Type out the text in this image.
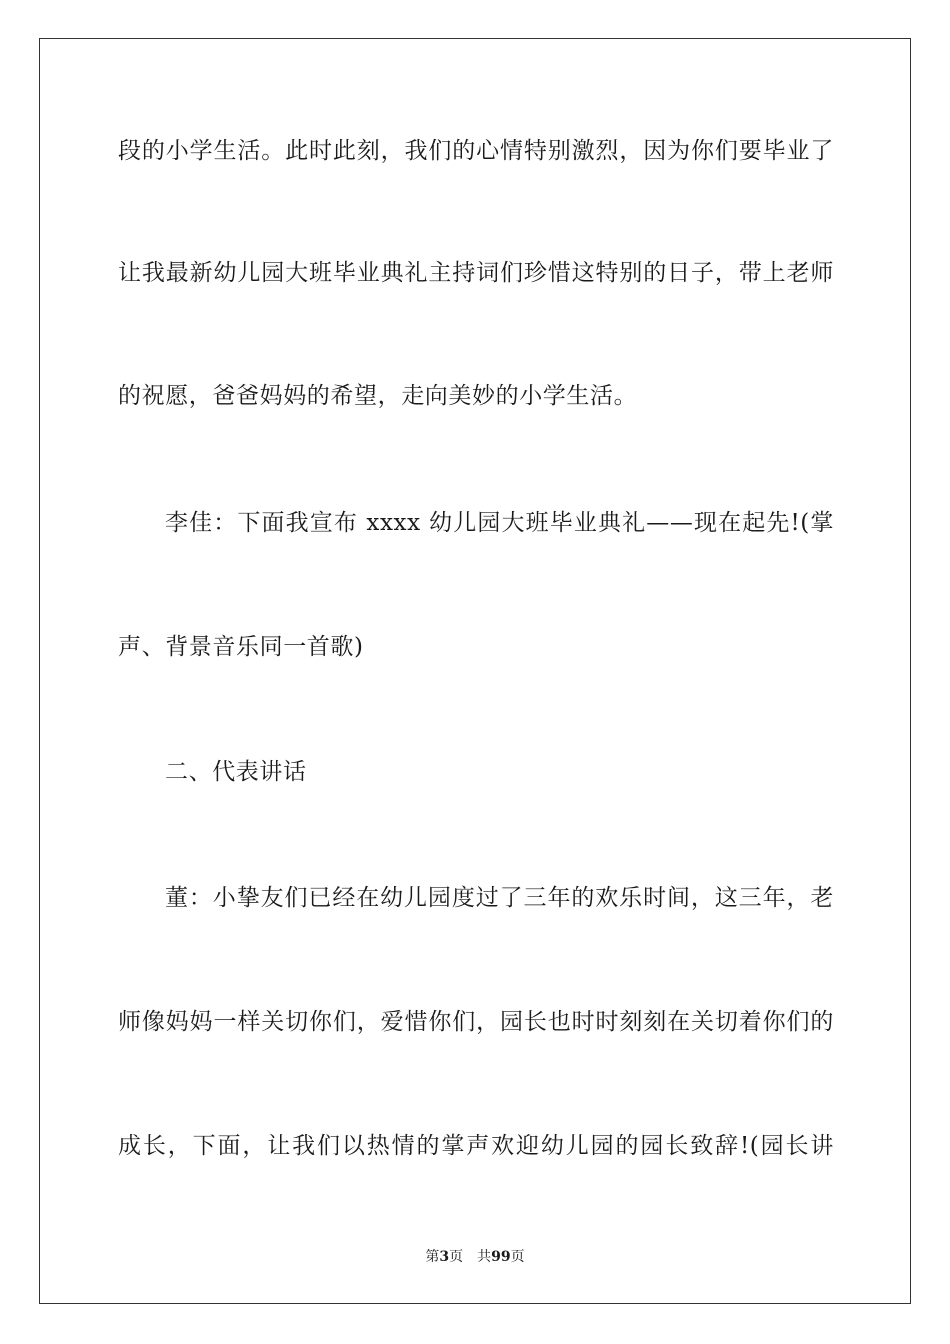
段的小学生活。此时此刻，我们的心情特别激烈，因为你们要毕业了
让我最新幼儿园大班毕业典礼主持词们珍惜这特别的日子，带上老师
的祝愿，爸爸妈妈的希望，走向美妙的小学生活。
李佳：下面我宣布 xxxx 幼儿园大班毕业典礼——现在起先!(掌
声、背景音乐同一首歌)
二、代表讲话
董：小挚友们已经在幼儿园度过了三年的欢乐时间，这三年，老
师像妈妈一样关切你们，爱惜你们，园长也时时刻刻在关切着你们的
成长，下面，让我们以热情的掌声欢迎幼儿园的园长致辞!(园长讲
第3页 共99页
